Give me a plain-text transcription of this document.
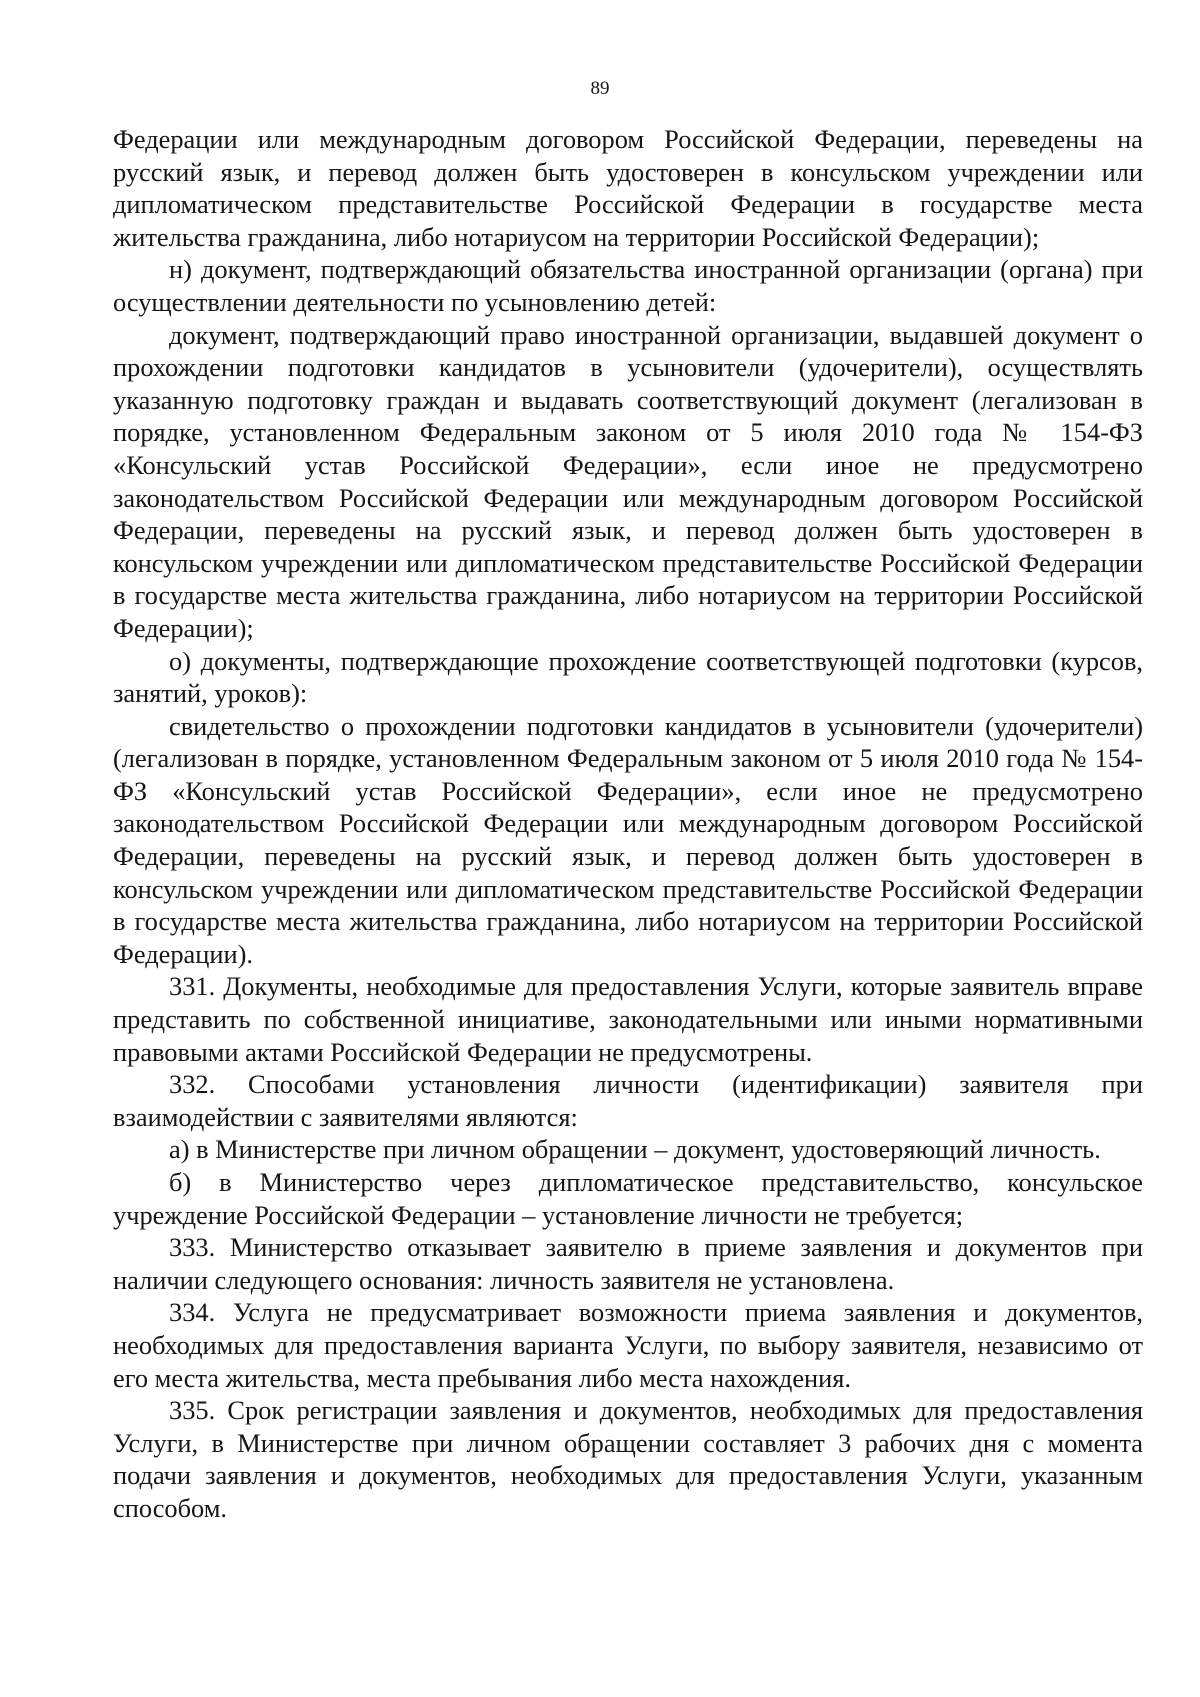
89

Федерации или международным договором Российской Федерации, переведены на русский язык, и перевод должен быть удостоверен в консульском учреждении или дипломатическом представительстве Российской Федерации в государстве места жительства гражданина, либо нотариусом на территории Российской Федерации);

н) документ, подтверждающий обязательства иностранной организации (органа) при осуществлении деятельности по усыновлению детей:

документ, подтверждающий право иностранной организации, выдавшей документ о прохождении подготовки кандидатов в усыновители (удочерители), осуществлять указанную подготовку граждан и выдавать соответствующий документ (легализован в порядке, установленном Федеральным законом от 5 июля 2010 года № 154-ФЗ «Консульский устав Российской Федерации», если иное не предусмотрено законодательством Российской Федерации или международным договором Российской Федерации, переведены на русский язык, и перевод должен быть удостоверен в консульском учреждении или дипломатическом представительстве Российской Федерации в государстве места жительства гражданина, либо нотариусом на территории Российской Федерации);

о) документы, подтверждающие прохождение соответствующей подготовки (курсов, занятий, уроков):

свидетельство о прохождении подготовки кандидатов в усыновители (удочерители) (легализован в порядке, установленном Федеральным законом от 5 июля 2010 года № 154-ФЗ «Консульский устав Российской Федерации», если иное не предусмотрено законодательством Российской Федерации или международным договором Российской Федерации, переведены на русский язык, и перевод должен быть удостоверен в консульском учреждении или дипломатическом представительстве Российской Федерации в государстве места жительства гражданина, либо нотариусом на территории Российской Федерации).

331. Документы, необходимые для предоставления Услуги, которые заявитель вправе представить по собственной инициативе, законодательными или иными нормативными правовыми актами Российской Федерации не предусмотрены.

332. Способами установления личности (идентификации) заявителя при взаимодействии с заявителями являются:

а) в Министерстве при личном обращении – документ, удостоверяющий личность.

б) в Министерство через дипломатическое представительство, консульское учреждение Российской Федерации – установление личности не требуется;

333. Министерство отказывает заявителю в приеме заявления и документов при наличии следующего основания: личность заявителя не установлена.

334. Услуга не предусматривает возможности приема заявления и документов, необходимых для предоставления варианта Услуги, по выбору заявителя, независимо от его места жительства, места пребывания либо места нахождения.

335. Срок регистрации заявления и документов, необходимых для предоставления Услуги, в Министерстве при личном обращении составляет 3 рабочих дня с момента подачи заявления и документов, необходимых для предоставления Услуги, указанным способом.
